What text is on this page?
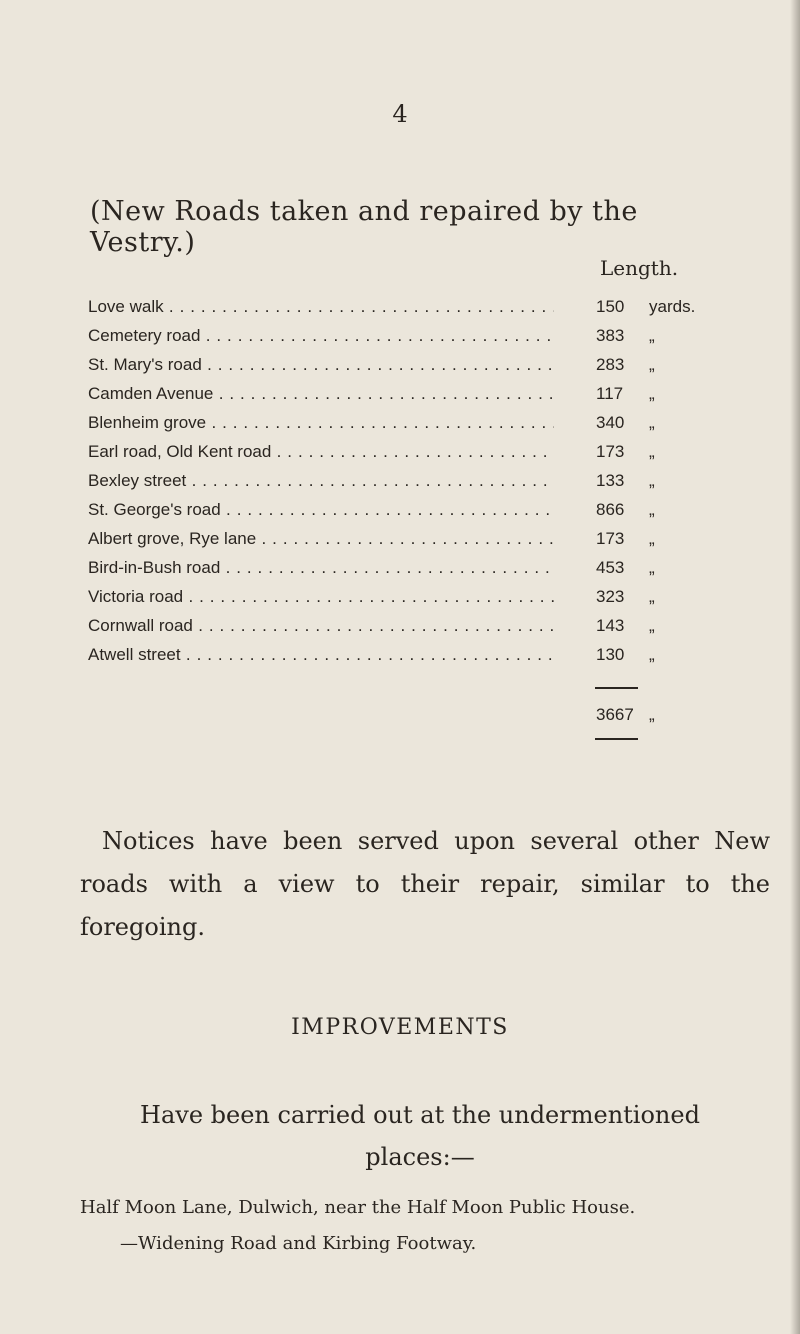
4
(New Roads taken and repaired by the Vestry.)
Length.
Love walk . . .	150 yards.
Cemetery road . . .	383 „
St. Mary's road . . .	283 „
Camden Avenue . . .	117 „
Blenheim grove . . .	340 „
Earl road, Old Kent road . . .	173 „
Bexley street . . .	133 „
St. George's road . . .	866 „
Albert grove, Rye lane . . .	173 „
Bird-in-Bush road . . .	453 „
Victoria road . . .	323 „
Cornwall road . . .	143 „
Atwell street . . .	130 „
3667 „
Notices have been served upon several other New roads with a view to their repair, similar to the foregoing.
IMPROVEMENTS
Have been carried out at the undermentioned places:—
Half Moon Lane, Dulwich, near the Half Moon Public House.
—Widening Road and Kirbing Footway.
